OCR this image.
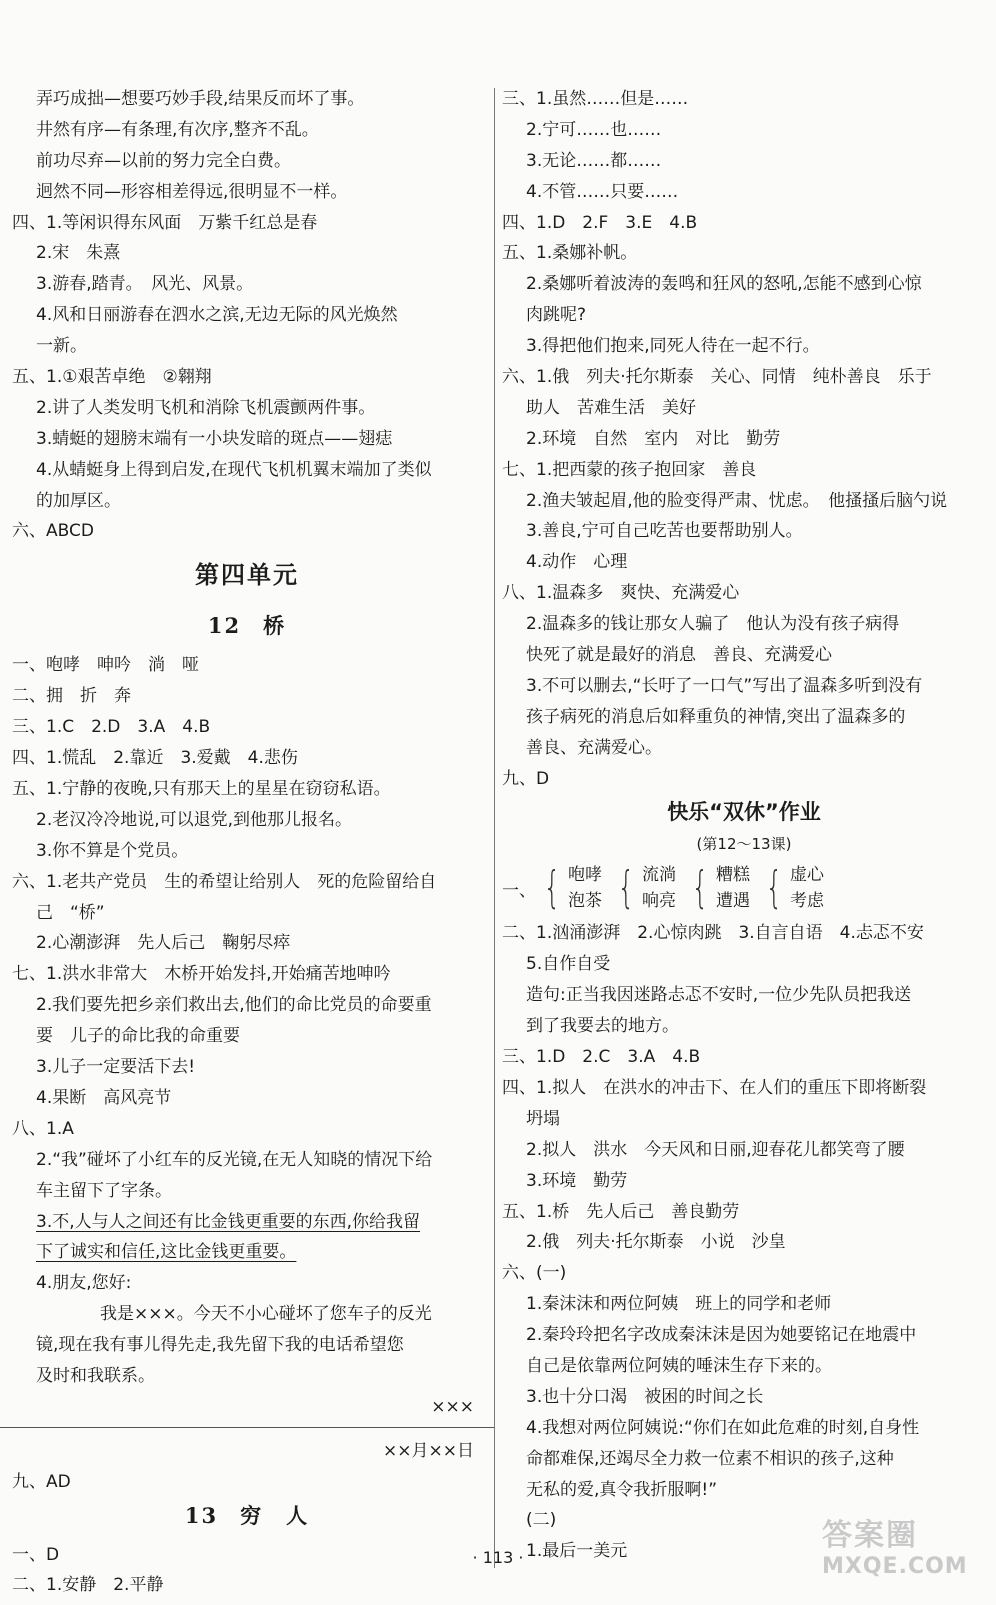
弄巧成拙—想要巧妙手段,结果反而坏了事。
井然有序—有条理,有次序,整齐不乱。
前功尽弃—以前的努力完全白费。
迥然不同—形容相差得远,很明显不一样。
四、1.等闲识得东风面　万紫千红总是春
2.宋　朱熹
3.游春,踏青。　风光、风景。
4.风和日丽游春在泗水之滨,无边无际的风光焕然
一新。
五、1.①艰苦卓绝　②翱翔
2.讲了人类发明飞机和消除飞机震颤两件事。
3.蜻蜓的翅膀末端有一小块发暗的斑点——翅痣
4.从蜻蜓身上得到启发,在现代飞机机翼末端加了类似
的加厚区。
六、ABCD
第四单元
12 桥
一、咆哮　呻吟　淌　哑
二、拥　折　奔
三、1.C　2.D　3.A　4.B
四、1.慌乱　2.靠近　3.爱戴　4.悲伤
五、1.宁静的夜晚,只有那天上的星星在窃窃私语。
2.老汉冷冷地说,可以退党,到他那儿报名。
3.你不算是个党员。
六、1.老共产党员　生的希望让给别人　死的危险留给自
己　“桥”
2.心潮澎湃　先人后己　鞠躬尽瘁
七、1.洪水非常大　木桥开始发抖,开始痛苦地呻吟
2.我们要先把乡亲们救出去,他们的命比党员的命要重
要　儿子的命比我的命重要
3.儿子一定要活下去!
4.果断　高风亮节
八、1.A
2.“我”碰坏了小红车的反光镜,在无人知晓的情况下给
车主留下了字条。
3.不,人与人之间还有比金钱更重要的东西,你给我留
下了诚实和信任,这比金钱更重要。
4.朋友,您好:
我是×××。今天不小心碰坏了您车子的反光
镜,现在我有事儿得先走,我先留下我的电话希望您
及时和我联系。
×××
××月××日
九、AD
13 穷　人
一、D
二、1.安静　2.平静
三、1.虽然……但是……
2.宁可……也……
3.无论……都……
4.不管……只要……
四、1.D　2.F　3.E　4.B
五、1.桑娜补帆。
2.桑娜听着波涛的轰鸣和狂风的怒吼,怎能不感到心惊
肉跳呢?
3.得把他们抱来,同死人待在一起不行。
六、1.俄　列夫·托尔斯泰　关心、同情　纯朴善良　乐于
助人　苦难生活　美好
2.环境　自然　室内　对比　勤劳
七、1.把西蒙的孩子抱回家　善良
2.渔夫皱起眉,他的脸变得严肃、忧虑。　他搔搔后脑勺说
3.善良,宁可自己吃苦也要帮助别人。
4.动作　心理
八、1.温森多　爽快、充满爱心
2.温森多的钱让那女人骗了　他认为没有孩子病得
快死了就是最好的消息　善良、充满爱心
3.不可以删去,“长吁了一口气”写出了温森多听到没有
孩子病死的消息后如释重负的神情,突出了温森多的
善良、充满爱心。
九、D
快乐“双休”作业
(第12～13课)
一、 { 咆哮
泡茶 { 流淌
响亮 { 糟糕
遭遇 { 虚心
考虑
二、1.汹涌澎湃　2.心惊肉跳　3.自言自语　4.忐忑不安
5.自作自受
造句:正当我因迷路忐忑不安时,一位少先队员把我送
到了我要去的地方。
三、1.D　2.C　3.A　4.B
四、1.拟人　在洪水的冲击下、在人们的重压下即将断裂
坍塌
2.拟人　洪水　今天风和日丽,迎春花儿都笑弯了腰
3.环境　勤劳
五、1.桥　先人后己　善良勤劳
2.俄　列夫·托尔斯泰　小说　沙皇
六、(一)
1.秦沫沫和两位阿姨　班上的同学和老师
2.秦玲玲把名字改成秦沫沫是因为她要铭记在地震中
自己是依靠两位阿姨的唾沫生存下来的。
3.也十分口渴　被困的时间之长
4.我想对两位阿姨说:“你们在如此危难的时刻,自身性
命都难保,还竭尽全力救一位素不相识的孩子,这种
无私的爱,真令我折服啊!”
(二)
1.最后一美元
· 113 ·
答案圈
MXQE.COM
